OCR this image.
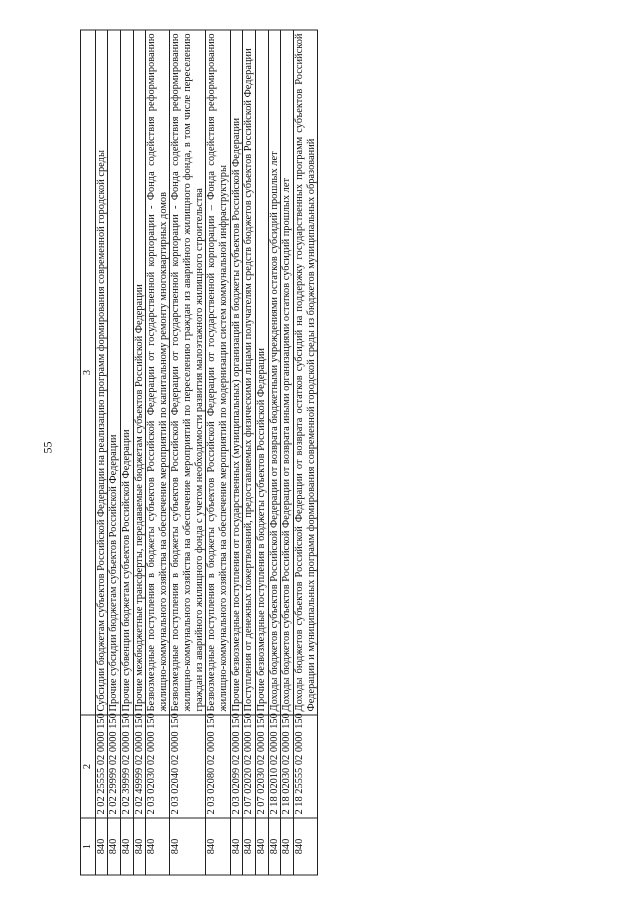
55
1	2	3
840	2 02 25555 02 0000 150	Субсидии бюджетам субъектов Российской Федерации на реализацию программ формирования современной городской среды
840	2 02 29999 02 0000 150	Прочие субсидии бюджетам субъектов Российской Федерации
840	2 02 39999 02 0000 150	Прочие субвенции бюджетам субъектов Российской Федерации
840	2 02 49999 02 0000 150	Прочие межбюджетные трансферты, передаваемые бюджетам субъектов Российской Федерации
840	2 03 02030 02 0000 150	Безвозмездные поступления в бюджеты субъектов Российской Федерации от государственной корпорации - Фонда содействия реформированию жилищно-коммунального хозяйства на обеспечение мероприятий по капитальному ремонту многоквартирных домов
840	2 03 02040 02 0000 150	Безвозмездные поступления в бюджеты субъектов Российской Федерации от государственной корпорации - Фонда содействия реформированию жилищно-коммунального хозяйства на обеспечение мероприятий по переселению граждан из аварийного жилищного фонда, в том числе переселению граждан из аварийного жилищного фонда с учетом необходимости развития малоэтажного жилищного строительства
840	2 03 02080 02 0000 150	Безвозмездные поступления в бюджеты субъектов Российской Федерации от государственной корпорации – Фонда содействия реформированию жилищно-коммунального хозяйства на обеспечение мероприятий по модернизации систем коммунальной инфраструктуры
840	2 03 02099 02 0000 150	Прочие безвозмездные поступления от государственных (муниципальных) организаций в бюджеты субъектов Российской Федерации
840	2 07 02020 02 0000 150	Поступления от денежных пожертвований, предоставляемых физическими лицами получателям средств бюджетов субъектов Российской Федерации
840	2 07 02030 02 0000 150	Прочие безвозмездные поступления в бюджеты субъектов Российской Федерации
840	2 18 02010 02 0000 150	Доходы бюджетов субъектов Российской Федерации от возврата бюджетными учреждениями остатков субсидий прошлых лет
840	2 18 02030 02 0000 150	Доходы бюджетов субъектов Российской Федерации от возврата иными организациями остатков субсидий прошлых лет
840	2 18 25555 02 0000 150	Доходы бюджетов субъектов Российской Федерации от возврата остатков субсидий на поддержку государственных программ субъектов Российской Федерации и муниципальных программ формирования современной городской среды из бюджетов муниципальных образований
